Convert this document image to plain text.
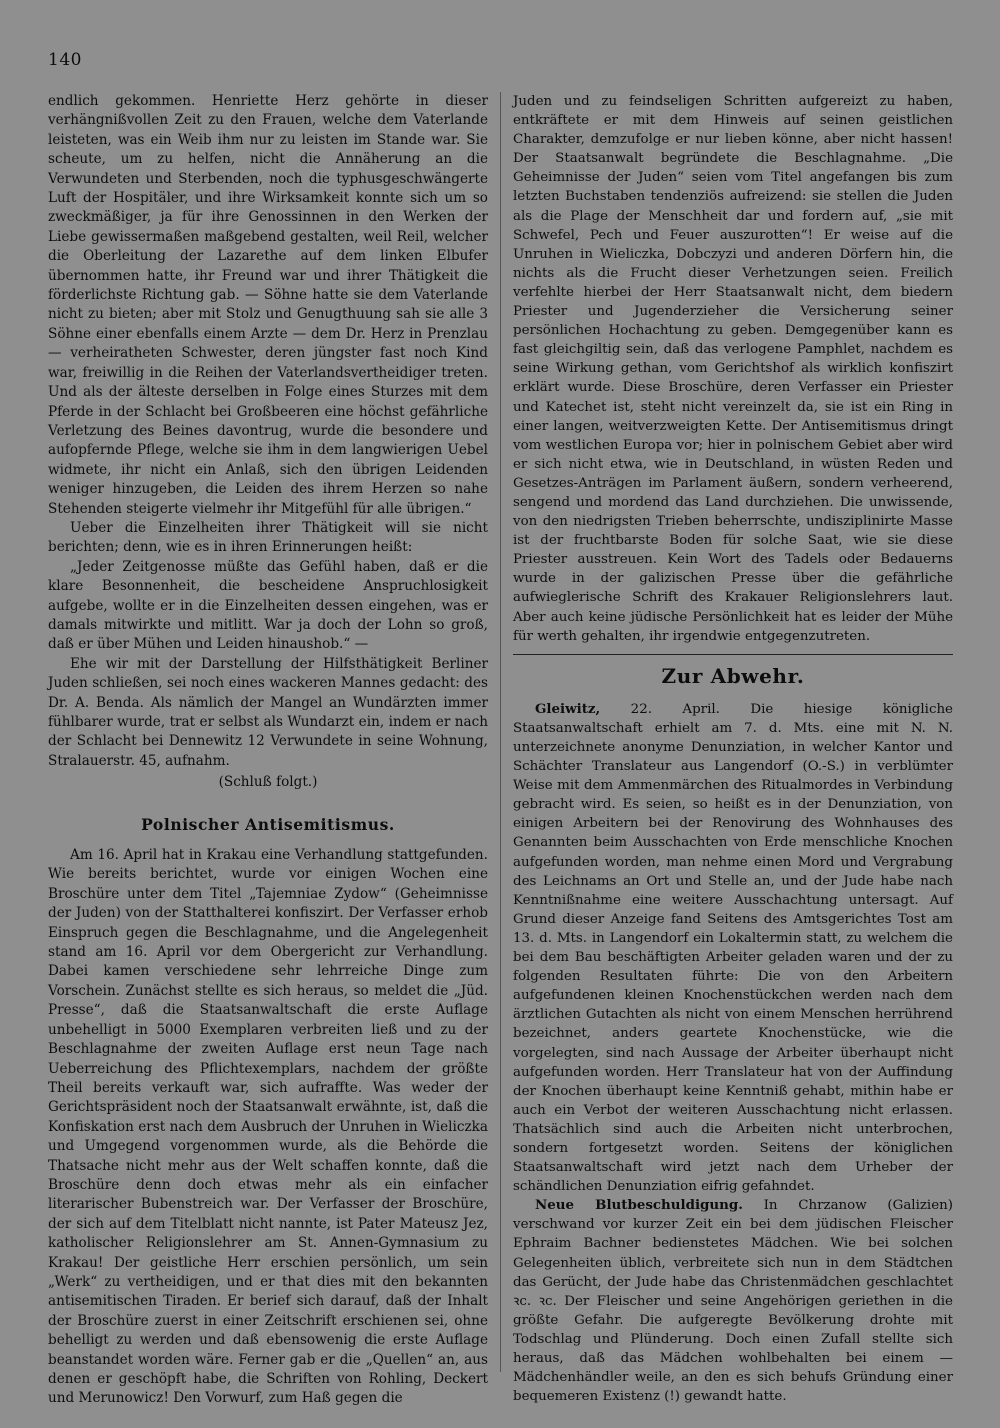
140

endlich gekommen. Henriette Herz gehörte in dieser verhängnißvollen Zeit zu den Frauen, welche dem Vaterlande leisteten, was ein Weib ihm nur zu leisten im Stande war. Sie scheute, um zu helfen, nicht die Annäherung an die Verwundeten und Sterbenden, noch die typhusgeschwängerte Luft der Hospitäler, und ihre Wirksamkeit konnte sich um so zweckmäßiger, ja für ihre Genossinnen in den Werken der Liebe gewissermaßen maßgebend gestalten, weil Reil, welcher die Oberleitung der Lazarethe auf dem linken Elbufer übernommen hatte, ihr Freund war und ihrer Thätigkeit die förderlichste Richtung gab. — Söhne hatte sie dem Vaterlande nicht zu bieten; aber mit Stolz und Genugthuung sah sie alle 3 Söhne einer ebenfalls einem Arzte — dem Dr. Herz in Prenzlau — verheiratheten Schwester, deren jüngster fast noch Kind war, freiwillig in die Reihen der Vaterlandsvertheidiger treten. Und als der älteste derselben in Folge eines Sturzes mit dem Pferde in der Schlacht bei Großbeeren eine höchst gefährliche Verletzung des Beines davontrug, wurde die besondere und aufopfernde Pflege, welche sie ihm in dem langwierigen Uebel widmete, ihr nicht ein Anlaß, sich den übrigen Leidenden weniger hinzugeben, die Leiden des ihrem Herzen so nahe Stehenden steigerte vielmehr ihr Mitgefühl für alle übrigen.“

Ueber die Einzelheiten ihrer Thätigkeit will sie nicht berichten; denn, wie es in ihren Erinnerungen heißt:

„Jeder Zeitgenosse müßte das Gefühl haben, daß er die klare Besonnenheit, die bescheidene Anspruchlosigkeit aufgebe, wollte er in die Einzelheiten dessen eingehen, was er damals mitwirkte und mitlitt. War ja doch der Lohn so groß, daß er über Mühen und Leiden hinaushob.“ —

Ehe wir mit der Darstellung der Hilfsthätigkeit Berliner Juden schließen, sei noch eines wackeren Mannes gedacht: des Dr. A. Benda. Als nämlich der Mangel an Wundärzten immer fühlbarer wurde, trat er selbst als Wundarzt ein, indem er nach der Schlacht bei Dennewitz 12 Verwundete in seine Wohnung, Stralauerstr. 45, aufnahm.

(Schluß folgt.)
Polnischer Antisemitismus.

Am 16. April hat in Krakau eine Verhandlung stattgefunden. Wie bereits berichtet, wurde vor einigen Wochen eine Broschüre unter dem Titel „Tajemniae Zydow“ (Geheimnisse der Juden) von der Statthalterei konfiszirt. Der Verfasser erhob Einspruch gegen die Beschlagnahme, und die Angelegenheit stand am 16. April vor dem Obergericht zur Verhandlung. Dabei kamen verschiedene sehr lehrreiche Dinge zum Vorschein. Zunächst stellte es sich heraus, so meldet die „Jüd. Presse“, daß die Staatsanwaltschaft die erste Auflage unbehelligt in 5000 Exemplaren verbreiten ließ und zu der Beschlagnahme der zweiten Auflage erst neun Tage nach Ueberreichung des Pflichtexemplars, nachdem der größte Theil bereits verkauft war, sich aufraffte. Was weder der Gerichtspräsident noch der Staatsanwalt erwähnte, ist, daß die Konfiskation erst nach dem Ausbruch der Unruhen in Wieliczka und Umgegend vorgenommen wurde, als die Behörde die Thatsache nicht mehr aus der Welt schaffen konnte, daß die Broschüre denn doch etwas mehr als ein einfacher literarischer Bubenstreich war. Der Verfasser der Broschüre, der sich auf dem Titelblatt nicht nannte, ist Pater Mateusz Jez, katholischer Religionslehrer am St. Annen-Gymnasium zu Krakau! Der geistliche Herr erschien persönlich, um sein „Werk“ zu vertheidigen, und er that dies mit den bekannten antisemitischen Tiraden. Er berief sich darauf, daß der Inhalt der Broschüre zuerst in einer Zeitschrift erschienen sei, ohne behelligt zu werden und daß ebensowenig die erste Auflage beanstandet worden wäre. Ferner gab er die „Quellen“ an, aus denen er geschöpft habe, die Schriften von Rohling, Deckert und Merunowicz! Den Vorwurf, zum Haß gegen die

Juden und zu feindseligen Schritten aufgereizt zu haben, entkräftete er mit dem Hinweis auf seinen geistlichen Charakter, demzufolge er nur lieben könne, aber nicht hassen! Der Staatsanwalt begründete die Beschlagnahme. „Die Geheimnisse der Juden“ seien vom Titel angefangen bis zum letzten Buchstaben tendenziös aufreizend: sie stellen die Juden als die Plage der Menschheit dar und fordern auf, „sie mit Schwefel, Pech und Feuer auszurotten“! Er weise auf die Unruhen in Wieliczka, Dobczyzi und anderen Dörfern hin, die nichts als die Frucht dieser Verhetzungen seien. Freilich verfehlte hierbei der Herr Staatsanwalt nicht, dem biedern Priester und Jugenderzieher die Versicherung seiner persönlichen Hochachtung zu geben. Demgegenüber kann es fast gleichgiltig sein, daß das verlogene Pamphlet, nachdem es seine Wirkung gethan, vom Gerichtshof als wirklich konfiszirt erklärt wurde. Diese Broschüre, deren Verfasser ein Priester und Katechet ist, steht nicht vereinzelt da, sie ist ein Ring in einer langen, weitverzweigten Kette. Der Antisemitismus dringt vom westlichen Europa vor; hier in polnischem Gebiet aber wird er sich nicht etwa, wie in Deutschland, in wüsten Reden und Gesetzes-Anträgen im Parlament äußern, sondern verheerend, sengend und mordend das Land durchziehen. Die unwissende, von den niedrigsten Trieben beherrschte, undisziplinirte Masse ist der fruchtbarste Boden für solche Saat, wie sie diese Priester ausstreuen. Kein Wort des Tadels oder Bedauerns wurde in der galizischen Presse über die gefährliche aufwieglerische Schrift des Krakauer Religionslehrers laut. Aber auch keine jüdische Persönlichkeit hat es leider der Mühe für werth gehalten, ihr irgendwie entgegenzutreten.

Zur Abwehr.

Gleiwitz, 22. April. Die hiesige königliche Staatsanwaltschaft erhielt am 7. d. Mts. eine mit N. N. unterzeichnete anonyme Denunziation, in welcher Kantor und Schächter Translateur aus Langendorf (O.-S.) in verblümter Weise mit dem Ammenmärchen des Ritualmordes in Verbindung gebracht wird. Es seien, so heißt es in der Denunziation, von einigen Arbeitern bei der Renovirung des Wohnhauses des Genannten beim Ausschachten von Erde menschliche Knochen aufgefunden worden, man nehme einen Mord und Vergrabung des Leichnams an Ort und Stelle an, und der Jude habe nach Kenntnißnahme eine weitere Ausschachtung untersagt. Auf Grund dieser Anzeige fand Seitens des Amtsgerichtes Tost am 13. d. Mts. in Langendorf ein Lokaltermin statt, zu welchem die bei dem Bau beschäftigten Arbeiter geladen waren und der zu folgenden Resultaten führte: Die von den Arbeitern aufgefundenen kleinen Knochenstückchen werden nach dem ärztlichen Gutachten als nicht von einem Menschen herrührend bezeichnet, anders geartete Knochenstücke, wie die vorgelegten, sind nach Aussage der Arbeiter überhaupt nicht aufgefunden worden. Herr Translateur hat von der Auffindung der Knochen überhaupt keine Kenntniß gehabt, mithin habe er auch ein Verbot der weiteren Ausschachtung nicht erlassen. Thatsächlich sind auch die Arbeiten nicht unterbrochen, sondern fortgesetzt worden. Seitens der königlichen Staatsanwaltschaft wird jetzt nach dem Urheber der schändlichen Denunziation eifrig gefahndet.

Neue Blutbeschuldigung. In Chrzanow (Galizien) verschwand vor kurzer Zeit ein bei dem jüdischen Fleischer Ephraim Bachner bedienstetes Mädchen. Wie bei solchen Gelegenheiten üblich, verbreitete sich nun in dem Städtchen das Gerücht, der Jude habe das Christenmädchen geschlachtet ꝛc. ꝛc. Der Fleischer und seine Angehörigen geriethen in die größte Gefahr. Die aufgeregte Bevölkerung drohte mit Todschlag und Plünderung. Doch einen Zufall stellte sich heraus, daß das Mädchen wohlbehalten bei einem — Mädchenhändler weile, an den es sich behufs Gründung einer bequemeren Existenz (!) gewandt hatte.
